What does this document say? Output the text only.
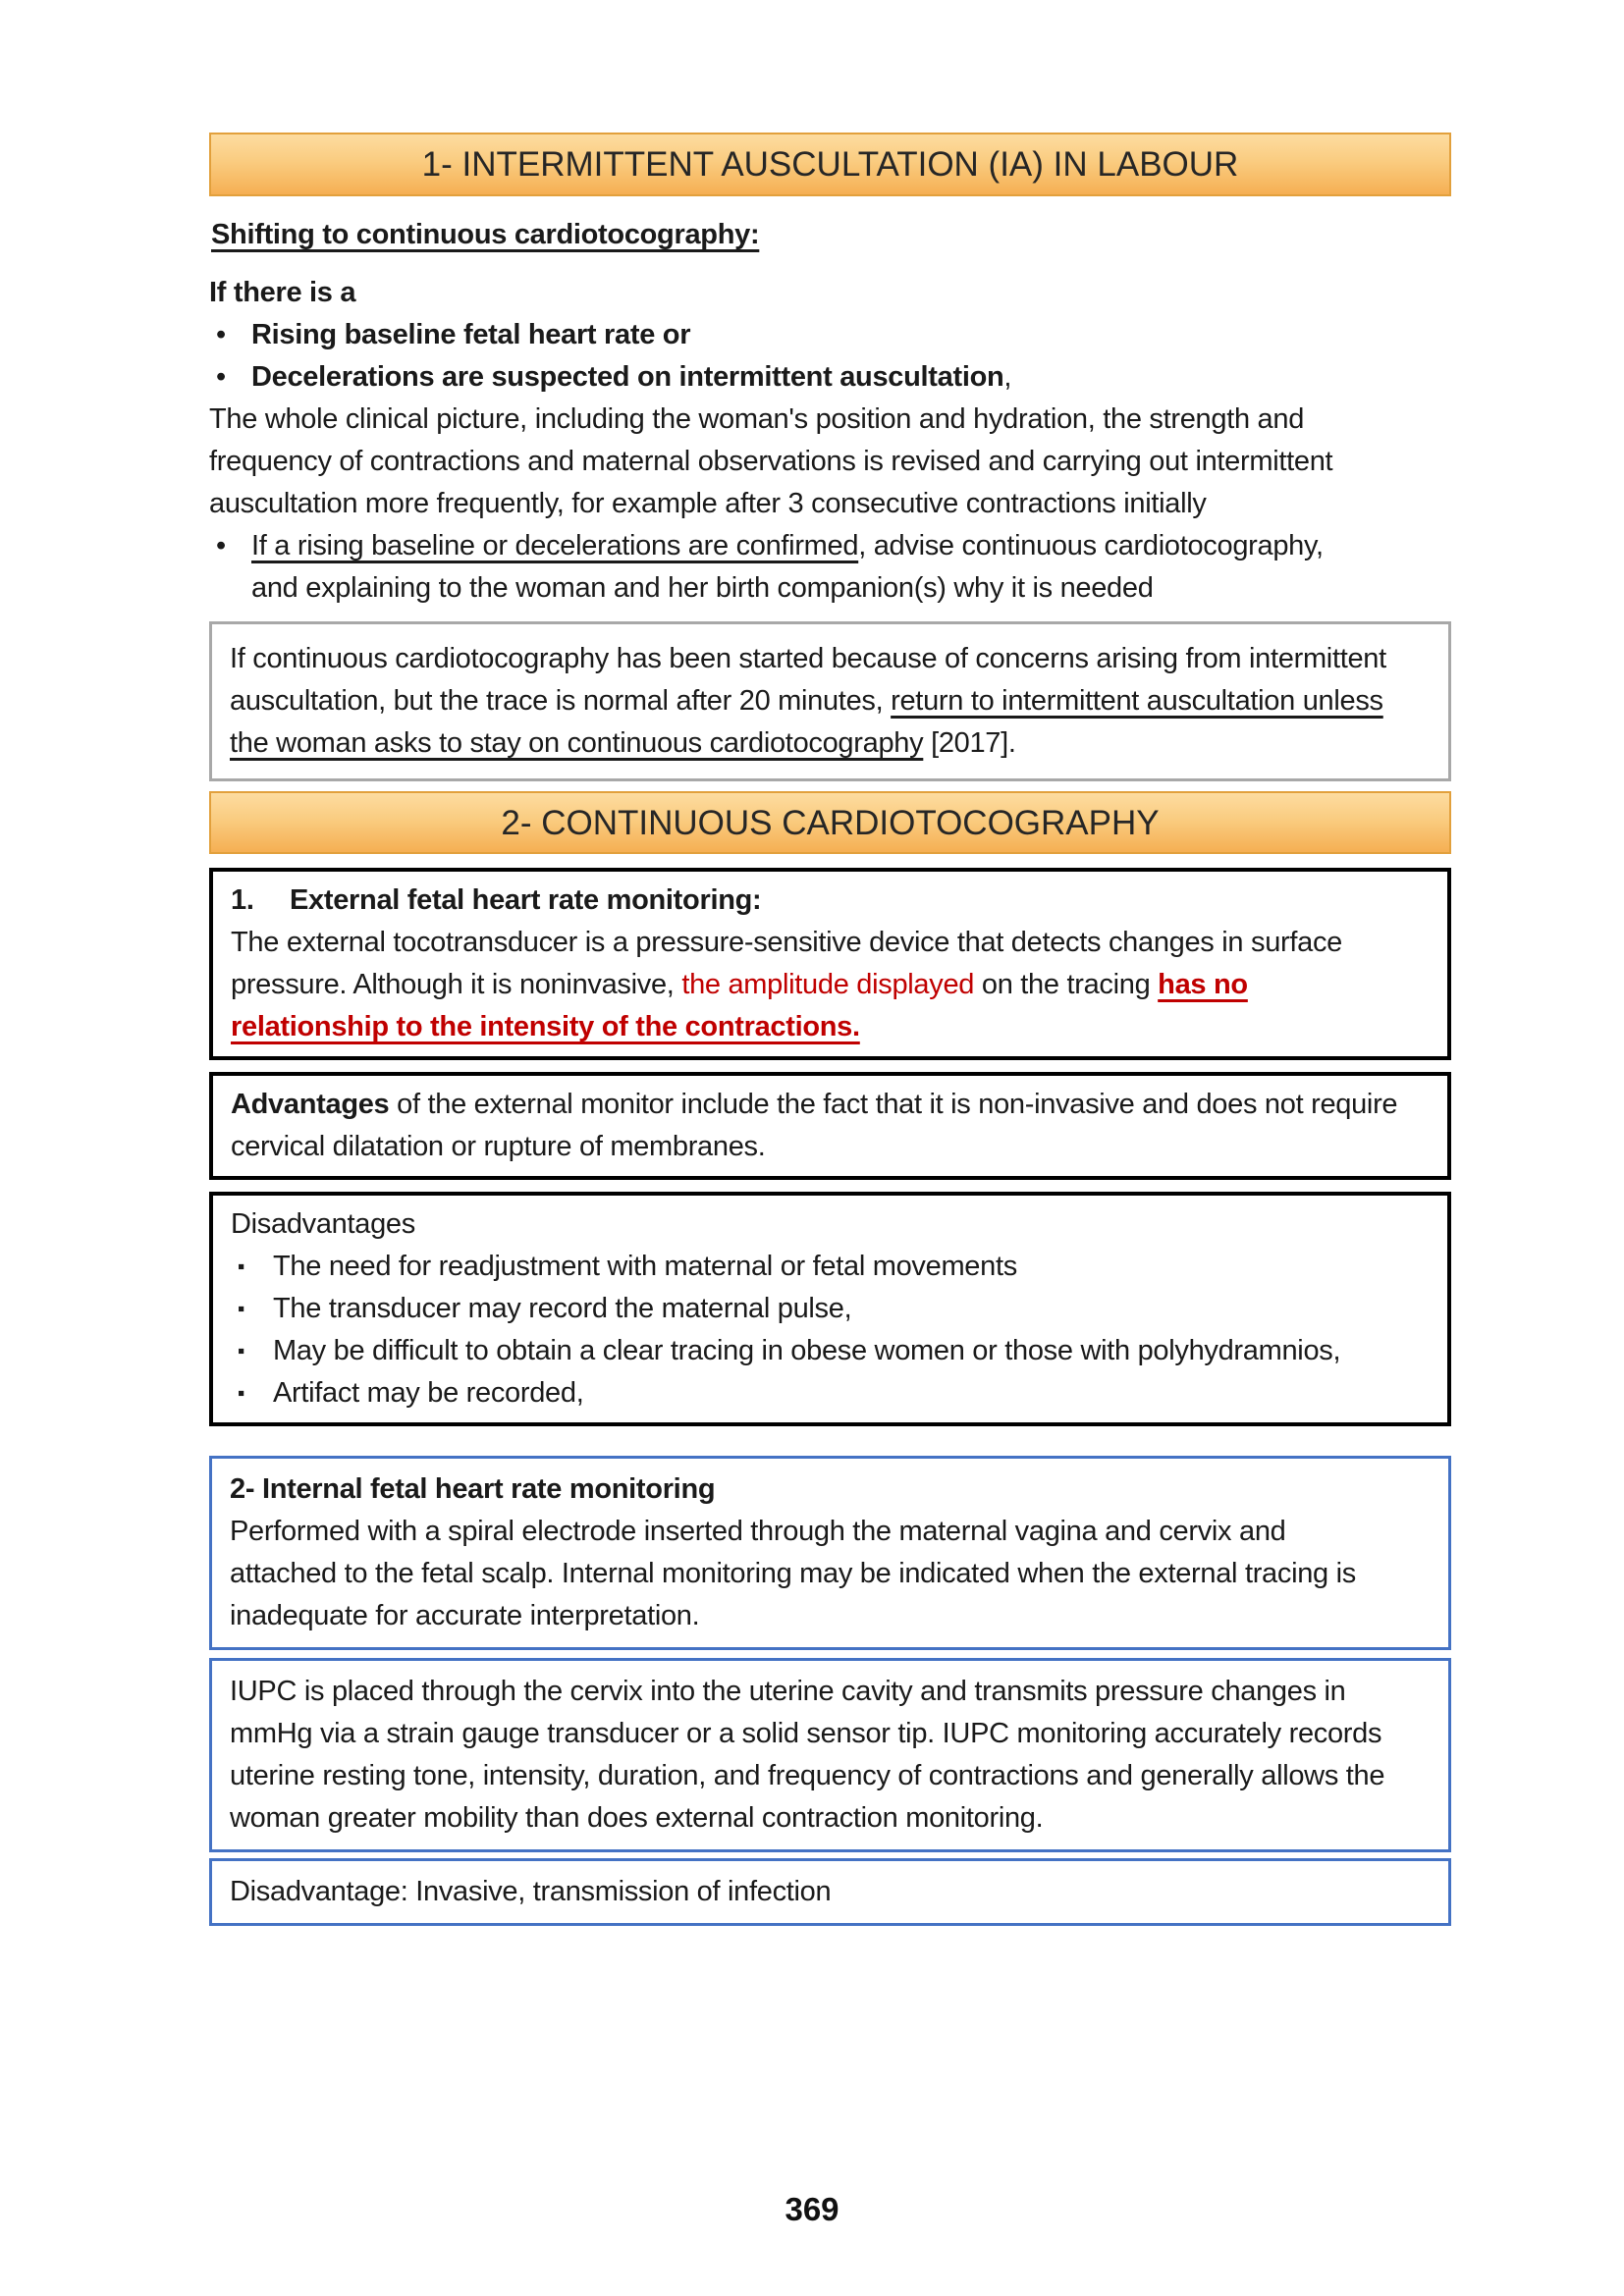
1- INTERMITTENT AUSCULTATION (IA) IN LABOUR
Shifting to continuous cardiotocography:

If there is a

• Rising baseline fetal heart rate or
• Decelerations are suspected on intermittent auscultation,

The whole clinical picture, including the woman's position and hydration, the strength and frequency of contractions and maternal observations is revised and carrying out intermittent auscultation more frequently, for example after 3 consecutive contractions initially

• If a rising baseline or decelerations are confirmed, advise continuous cardiotocography, and explaining to the woman and her birth companion(s) why it is needed
If continuous cardiotocography has been started because of concerns arising from intermittent auscultation, but the trace is normal after 20 minutes, return to intermittent auscultation unless the woman asks to stay on continuous cardiotocography [2017].
2- CONTINUOUS CARDIOTOCOGRAPHY
1. External fetal heart rate monitoring:
The external tocotransducer is a pressure-sensitive device that detects changes in surface pressure. Although it is noninvasive, the amplitude displayed on the tracing has no relationship to the intensity of the contractions.
Advantages of the external monitor include the fact that it is non-invasive and does not require cervical dilatation or rupture of membranes.
Disadvantages
▪ The need for readjustment with maternal or fetal movements
▪ The transducer may record the maternal pulse,
▪ May be difficult to obtain a clear tracing in obese women or those with polyhydramnios,
▪ Artifact may be recorded,
2- Internal fetal heart rate monitoring
Performed with a spiral electrode inserted through the maternal vagina and cervix and attached to the fetal scalp. Internal monitoring may be indicated when the external tracing is inadequate for accurate interpretation.
IUPC is placed through the cervix into the uterine cavity and transmits pressure changes in mmHg via a strain gauge transducer or a solid sensor tip. IUPC monitoring accurately records uterine resting tone, intensity, duration, and frequency of contractions and generally allows the woman greater mobility than does external contraction monitoring.
Disadvantage: Invasive, transmission of infection
369
